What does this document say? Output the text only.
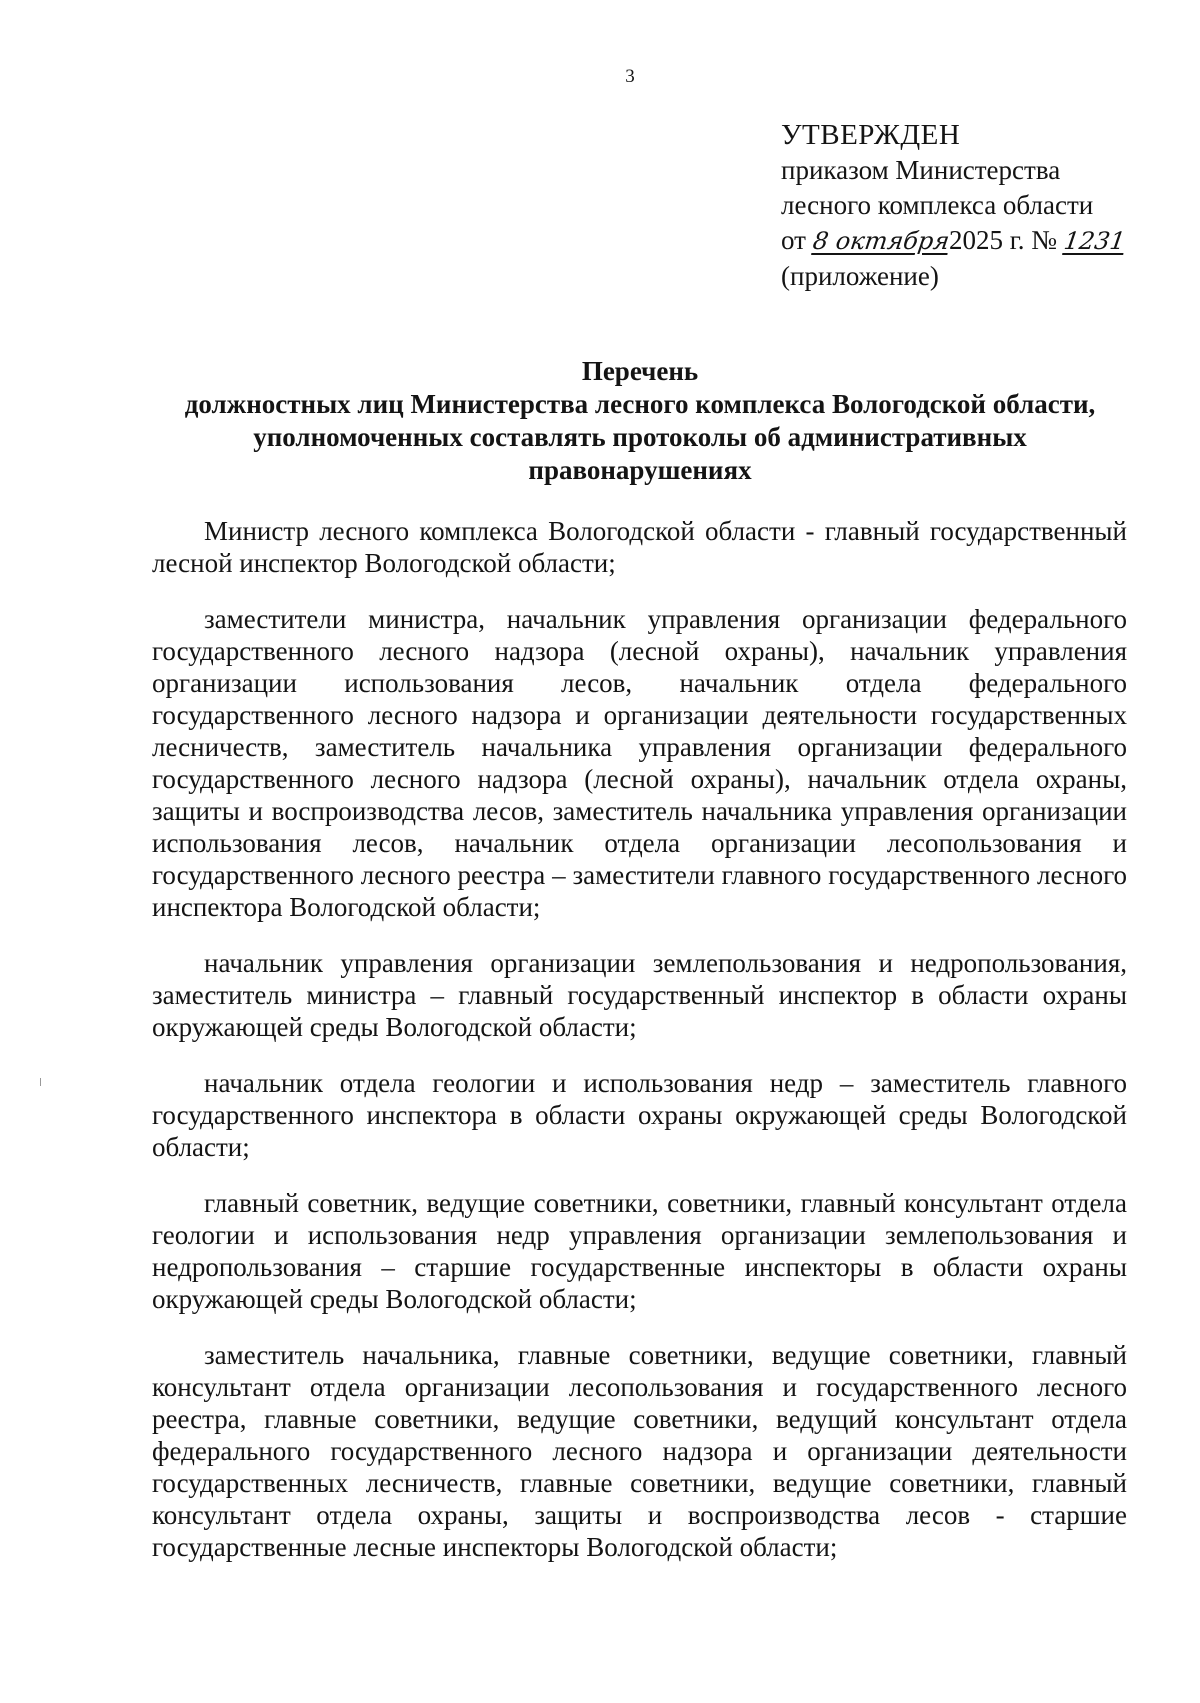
3
УТВЕРЖДЕН
приказом Министерства
лесного комплекса области
от 8 октября2025 г. № 1231
(приложение)
Перечень
должностных лиц Министерства лесного комплекса Вологодской области,
уполномоченных составлять протоколы об административных
правонарушениях

Министр лесного комплекса Вологодской области - главный государственный лесной инспектор Вологодской области;

заместители министра, начальник управления организации федерального государственного лесного надзора (лесной охраны), начальник управления организации использования лесов, начальник отдела федерального государственного лесного надзора и организации деятельности государственных лесничеств, заместитель начальника управления организации федерального государственного лесного надзора (лесной охраны), начальник отдела охраны, защиты и воспроизводства лесов, заместитель начальника управления организации использования лесов, начальник отдела организации лесопользования и государственного лесного реестра – заместители главного государственного лесного инспектора Вологодской области;

начальник управления организации землепользования и недропользования, заместитель министра – главный государственный инспектор в области охраны окружающей среды Вологодской области;

начальник отдела геологии и использования недр – заместитель главного государственного инспектора в области охраны окружающей среды Вологодской области;

главный советник, ведущие советники, советники, главный консультант отдела геологии и использования недр управления организации землепользования и недропользования – старшие государственные инспекторы в области охраны окружающей среды Вологодской области;

заместитель начальника, главные советники, ведущие советники, главный консультант отдела организации лесопользования и государственного лесного реестра, главные советники, ведущие советники, ведущий консультант отдела федерального государственного лесного надзора и организации деятельности государственных лесничеств, главные советники, ведущие советники, главный консультант отдела охраны, защиты и воспроизводства лесов - старшие государственные лесные инспекторы Вологодской области;
